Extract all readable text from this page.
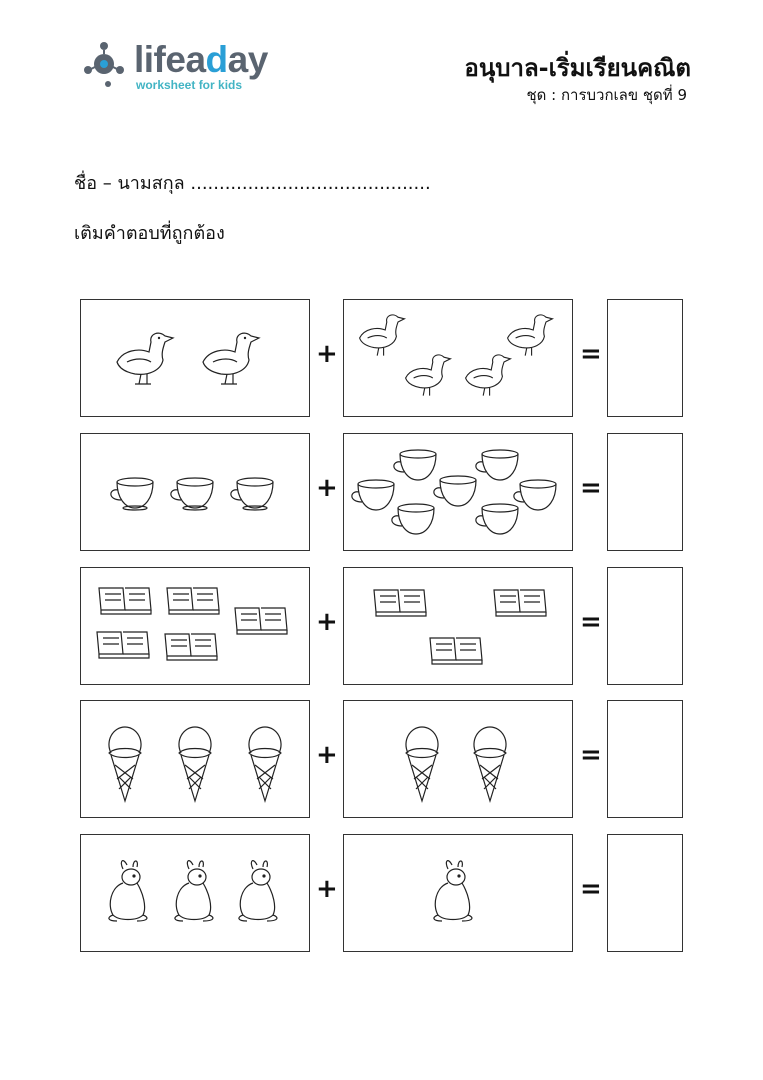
lifeaday
worksheet for kids
อนุบาล-เริ่มเรียนคณิต
ชุด : การบวกเลข ชุดที่ 9
ชื่อ – นามสกุล ..........................................
เติมคำตอบที่ถูกต้อง
+	=
+	=
+	=
+	=
+	=
